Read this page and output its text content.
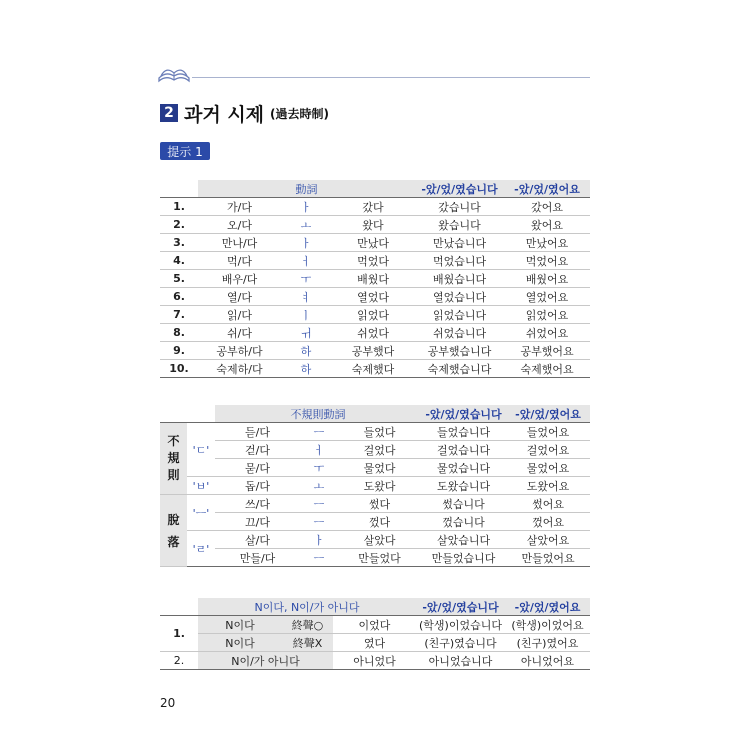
2 과거 시제 (過去時制)
提示 1
	動詞			-았/었/였습니다	-았/었/였어요
1.	가/다	ㅏ	갔다	갔습니다	갔어요
2.	오/다	ㅗ	왔다	왔습니다	왔어요
3.	만나/다	ㅏ	만났다	만났습니다	만났어요
4.	먹/다	ㅓ	먹었다	먹었습니다	먹었어요
5.	배우/다	ㅜ	배웠다	배웠습니다	배웠어요
6.	열/다	ㅕ	열었다	열었습니다	열었어요
7.	읽/다	ㅣ	읽었다	읽었습니다	읽었어요
8.	쉬/다	ㅟ	쉬었다	쉬었습니다	쉬었어요
9.	공부하/다	하	공부했다	공부했습니다	공부했어요
10.	숙제하/다	하	숙제했다	숙제했습니다	숙제했어요
		不規則動詞			-았/었/였습니다	-았/었/였어요

不
規
則	'ㄷ'	듣/다	ㅡ	들었다	들었습니다	들었어요
		걷/다	ㅓ	걸었다	걸었습니다	걸었어요
		묻/다	ㅜ	물었다	물었습니다	물었어요
	'ㅂ'	돕/다	ㅗ	도왔다	도왔습니다	도왔어요

脫
落	'ㅡ'	쓰/다	ㅡ	썼다	썼습니다	썼어요
		끄/다	ㅡ	껐다	껐습니다	껐어요
	'ㄹ'	살/다	ㅏ	살았다	살았습니다	살았어요
		만들/다	ㅡ	만들었다	만들었습니다	만들었어요
	N이다, N이/가 아니다			-았/었/였습니다	-았/었/였어요
1.	N이다	終聲○	이었다	(학생)이었습니다	(학생)이었어요
	N이다	終聲X	였다	(친구)였습니다	(친구)였어요
2.	N이/가 아니다		아니었다	아니었습니다	아니었어요
20
